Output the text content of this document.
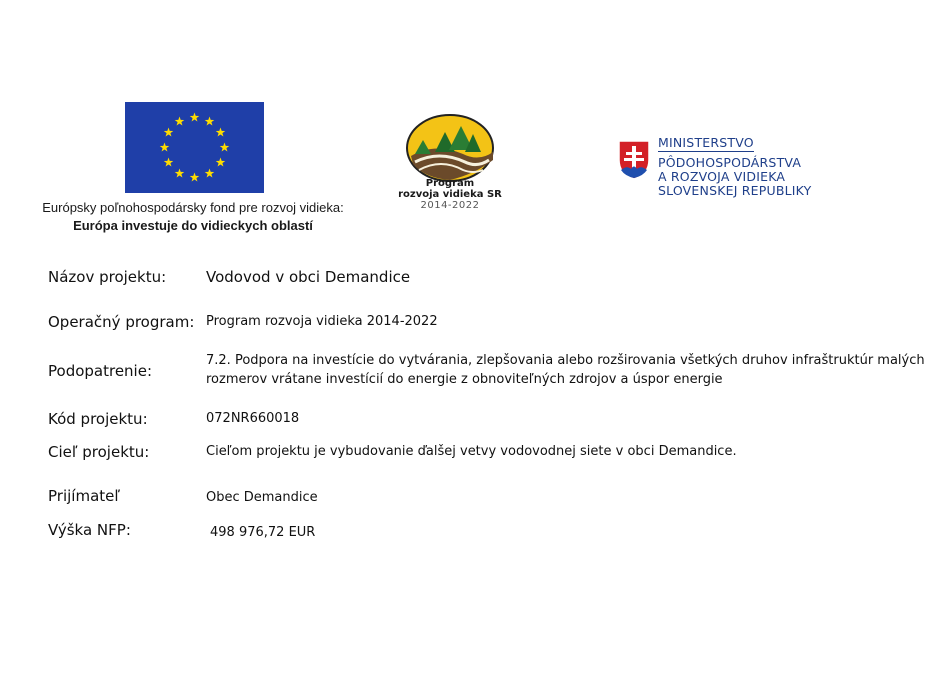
Európsky poľnohospodársky fond pre rozvoj vidieka:
Európa investuje do vidieckych oblastí
Program
rozvoja vidieka SR
2014-2022
MINISTERSTVO
PÔDOHOSPODÁRSTVA
A ROZVOJA VIDIEKA
SLOVENSKEJ REPUBLIKY
Názov projektu:	Vodovod v obci Demandice
Operačný program: Program rozvoja vidieka 2014-2022
Podopatrenie:
7.2. Podpora na investície do vytvárania, zlepšovania alebo rozširovania všetkých druhov infraštruktúr malých
rozmerov vrátane investícií do energie z obnoviteľných zdrojov a úspor energie
Kód projektu:	072NR660018
Cieľ projektu:	Cieľom projektu je vybudovanie ďalšej vetvy vodovodnej siete v obci Demandice.
Prijímateľ	Obec Demandice
Výška NFP:	498 976,72 EUR
